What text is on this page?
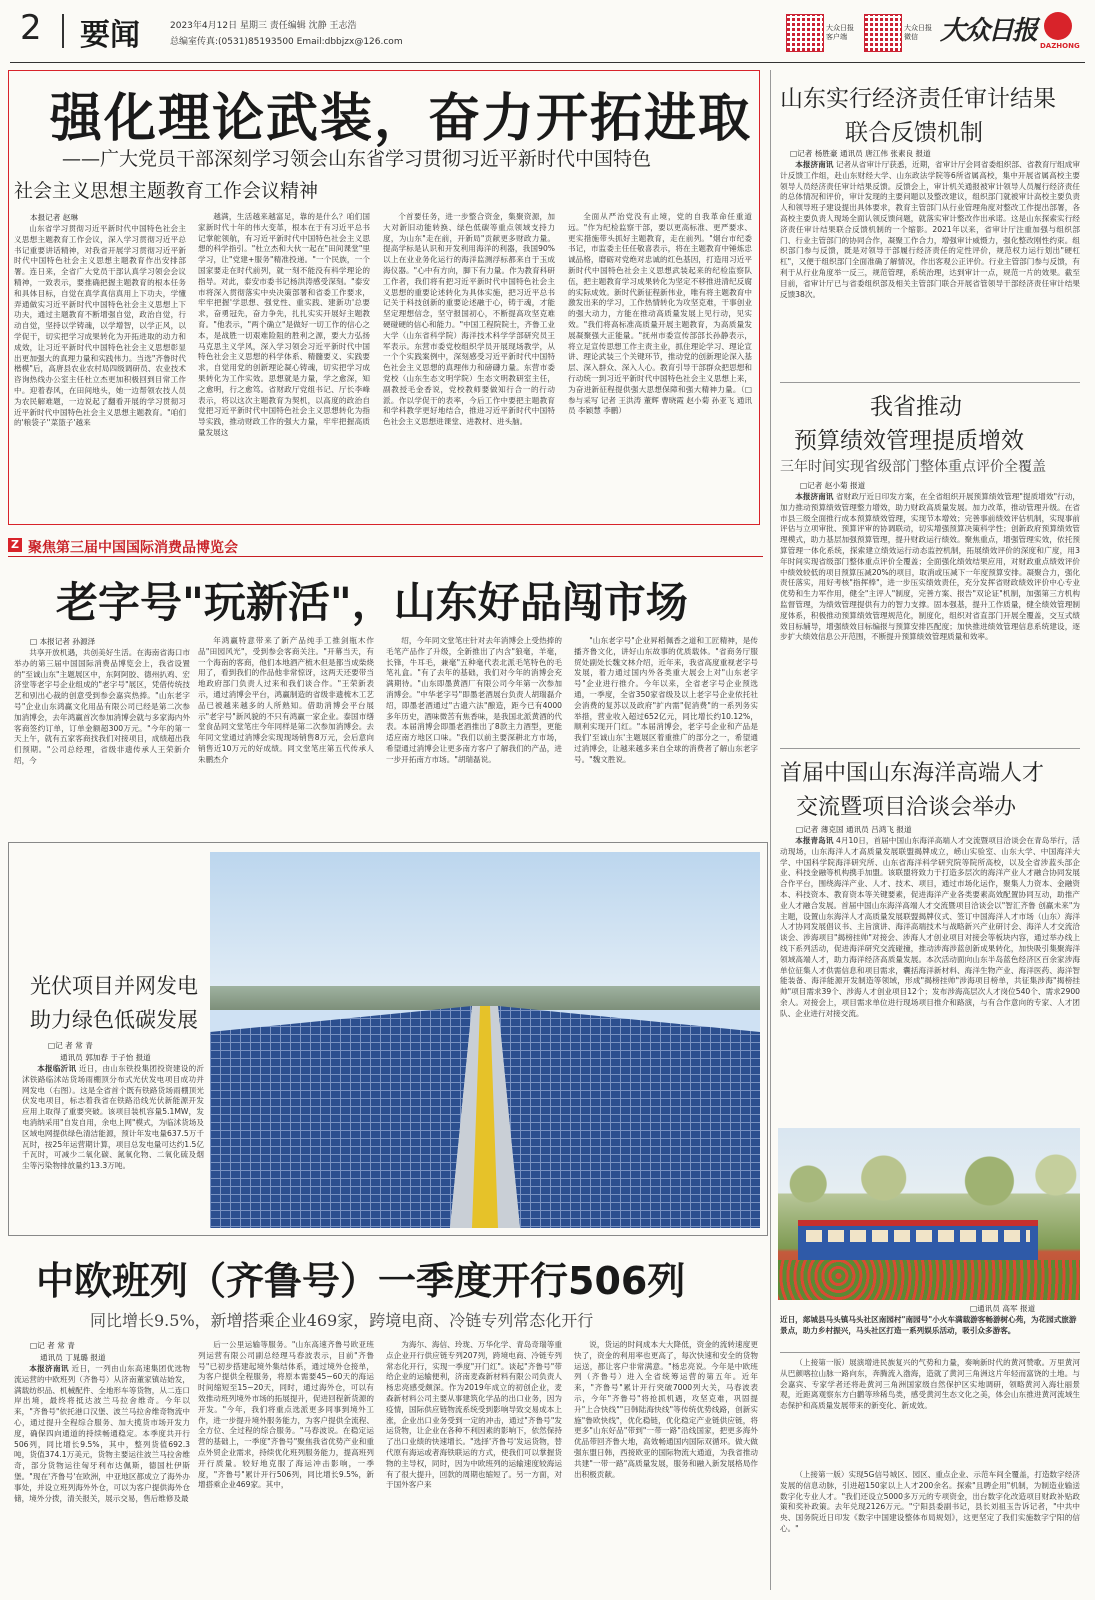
2 要闻	2023年4月12日 星期三 责任编辑 沈静 王志浩
总编室传真:(0531)85193500 Email:dbbjzx@126.com
大众日报客户端
大众日报微信 大众日报 DAZHONG
强化理论武装，奋力开拓进取
——广大党员干部深刻学习领会山东省学习贯彻习近平新时代中国特色
社会主义思想主题教育工作会议精神
本报记者 赵琳

山东省学习贯彻习近平新时代中国特色社会主义思想主题教育工作会议，深入学习贯彻习近平总书记重要讲话精神，对我省开展学习贯彻习近平新时代中国特色社会主义思想主题教育作出安排部署。连日来，全省广大党员干部认真学习领会会议精神，一致表示，要推确把握主题教育的根本任务和具体目标，自觉在真学真信真用上下功夫，学懂弄通做实习近平新时代中国特色社会主义思想上下功夫，通过主题教育不断增强自觉，政治自觉，行动自觉，坚持以学铸魂，以学增智，以学正风，以学促干，切实把学习成果转化为开拓进取的动力和成效，让习近平新时代中国特色社会主义思想彰显出更加强大的真理力量和实践伟力。当选"齐鲁时代楷模"后，高唐县农业农村局四级调研员、农业技术咨询热线办公室主任杜立杰更加积极回到目常工作中。迎着春风，在田间地头，她一边帮领农技人员为农民解难题，一边说起了翻看开展的学习贯彻习近平新时代中国特色社会主义思想主题教育。"咱们的'粮袋子''菜篮子'越来

越满，生活越来越富足，靠的是什么？咱们国家新时代十年的伟大变革，根本在于有习近平总书记掌舵领航，有习近平新时代中国特色社会主义思想的科学指引。"杜立杰和大伙一起在"田间课堂"里学习，让"党建+服务"精准投递。"一个民族，一个国家要走在时代前列，就一刻不能没有科学理论的指导。对此，泰安市委书记杨洪涛感受深刻。"泰安市将深入贯彻落实中央决策部署和省委工作要求，牢牢把握'学思想、强党性、重实践、建新功'总要求，奋勇冠先，奋力争先，扎扎实实开展好主题教育。"他表示，"两个确立"是做好一切工作的信心之本，是战胜一切艰难险阻的胜利之源，要大力弘扬马克思主义学风，深入学习领会习近平新时代中国特色社会主义思想的科学体系、精髓要义、实践要求，自觉用党的创新理论凝心铸魂，切实把学习成果转化为工作实效。思想就是力量，学之愈深，知之愈明，行之愈笃。省财政厅党组书记、厅长李峰表示，将以这次主题教育为契机，以高度的政治自觉把习近平新时代中国特色社会主义思想转化为指导实践，推动财政工作的强大力量，牢牢把握高质量发展这

个首要任务，进一步整合资金，集聚资源，加大对新旧动能转换、绿色低碳等重点领域支持力度，为山东"走在前，开新局"贡献更多财政力量。提高学标是认识和开发利用海洋的利器，我国90%以上在业业务化运行的海洋监测浮标都来自于玉成海仪器。"心中有方向，脚下有力量。作为教育科研工作者，我们将有把习近平新时代中国特色社会主义思想的重要论述转化为具体实施，把习近平总书记关于科技创新的重要论述融于心，铸于魂，才能坚定理想信念，坚守报国初心，不断提高攻坚克难硬碰硬的信心和能力。"中国工程院院士，齐鲁工业大学（山东省科学院）海洋技术科学学部研究员王军表示。东营市委党校组织学员开展现场教学，从一个个实践案例中，深刻感受习近平新时代中国特色社会主义思想的真理伟力和磅礴力量。东营市委党校（山东生态文明学院）生态文明教研室主任，副教授毛金香说，党校教师要做知行合一的行动派。作以学促干的表率，今后工作中要把主题教育和学科教学更好地结合，推进习近平新时代中国特色社会主义思想进课堂、进教材、进头脑。

全面从严治党没有止境，党的自我革命任重道远。"作为纪检监察干部，要以更高标准、更严要求、更实措施带头抓好主题教育，走在前列。"烟台市纪委书记，市监委主任任敬喜表示，将在主题教育中锤炼忠诚品格，磨砺对党绝对忠诚的红色基因，打造用习近平新时代中国特色社会主义思想武装起来的纪检监察队伍，把主题教育学习成果转化为坚定不移推进清纪反腐的实际成效。新时代新征程新伟业，唯有将主题教育中激发出来的学习，工作热情转化为攻坚克难，干事创业的强大动力，方能在推动高质量发展上见行动，见实效。"我们将高标准高质量开展主题教育，为高质量发展凝聚强大正能量。"抚州市委宣传部部长孙静表示，将立足宣传思想工作主责主业，抓住理论学习、理论宣讲、理论武装三个关键环节，推动党的创新理论深入基层、深入群众、深入人心。教育引导干部群众把思想和行动统一到习近平新时代中国特色社会主义思想上来，为奋进新征程提供强大思想保障和强大精神力量。（□参与采写 记者 王洪涛 董辉 曹晓霞 赵小菊 孙亚飞 通讯员 李颖慧 李鹏）

山东实行经济责任审计结果
联合反馈机制
□记者 杨胜豪 通讯员 唐江伟 张素良 报道

本报济南讯 记者从省审计厅获悉，近期，省审计厅会同省委组织部、省教育厅组成审计反馈工作组，赴山东财经大学、山东政法学院等6所省属高校，集中开展省属高校主要领导人员经济责任审计结果反馈。反馈会上，审计机关通报被审计领导人员履行经济责任的总体情况和评价，审计发现的主要问题以及整改建议，组织部门就被审计高校主要负责人和领导班子建设提出具体要求，教育主管部门从行业管理角度对整改工作提出部署，各高校主要负责人现场全面认领反馈问题，就落实审计整改作出承诺。这是山东探索实行经济责任审计结果联合反馈机制的一个缩影。2021年以来，省审计厅注重加强与组织部门、行业主管部门的协同合作，凝聚工作合力，增强审计威慑力，强化整改刚性约束。组织部门参与反馈，既是对领导干部履行经济责任的定性评价，规范权力运行划出"硬杠杠"，又便于组织部门全面准确了解情况，作出客观公正评价。行业主管部门参与反馈，有利于从行业角度举一反三，规范管理，系统治理，达到审计一点，规范一片的效果。截至目前，省审计厅已与省委组织部及相关主管部门联合开展省管领导干部经济责任审计结果反馈38次。

我省推动
预算绩效管理提质增效
三年时间实现省级部门整体重点评价全覆盖
□记者 赵小菊 报道

本报济南讯 省财政厅近日印发方案，在全省组织开展预算绩效管理"提质增效"行动，加力推动预算绩效管理整力增效，助力财政高质量发展。加力改革，推动管理升级。在省市县三级全面推行成本预算绩效管理，实现节本增效；完善事前绩效评估机制，实现事前评估与立项审批、预算评审的协调联动，切实增强预算决策科学性；创新政府预算绩效管理模式，助力基层加强预算管理，提升财政运行绩效。聚焦重点，增强管理实效，依托预算管理一体化系统，探索建立绩效运行动态监控机制，拓展绩效评价的深度和广度，用3年时间实现省级部门整体重点评价全覆盖；全面强化绩效结果应用，对财政重点绩效评价中绩效较低的项目预算压减20%的项目，取消或压减下一年度预算安排。凝聚合力，强化责任落实，用好考核"指挥棒"，进一步压实绩效责任，充分发挥省财政绩效评价中心专业优势和生力军作用，健全"主评人"制度，完善方案、报告"双论证"机制，加强第三方机构监督管理，为绩效管理提供有力的智力支撑。固本强基，提升工作质量，健全绩效管理制度体系，积极推动预算绩效管理规范化，制度化，组织对省直部门开展全覆盖，交互式绩效目标辅导，增强绩效目标编报与预算安排匹配度；加快推进绩效管理信息系统建设，逐步扩大绩效信息公开范围，不断提升预算绩效管理质量和效率。

首届中国山东海洋高端人才
交流暨项目洽谈会举办
□记者 薄克国 通讯员 吕鸿飞 报道

本报青岛讯 4月10日，首届中国山东海洋高端人才交流暨项目洽谈会在青岛举行，活动现场，山东海洋人才高质量发展联盟揭牌成立，崂山实验室、山东大学、中国海洋大学、中国科学院海洋研究所、山东省海洋科学研究院等院所高校，以及全省涉蓝头部企业、科技金融等机构携手加盟。该联盟将致力于打造多层次的海洋产业人才融合协同发展合作平台，围绕海洋产业、人才、技术、项目，通过市场化运作，聚集人力资本、金融资本、科技资本、教育资本等关键要素，促进海洋产业各类要素高效配置协同互动，助推产业人才融合发展。首届中国山东海洋高端人才交流暨项目洽谈会以"智汇齐鲁 创赢未来"为主题，设置山东海洋人才高质量发展联盟揭牌仪式、签订中国海洋人才市场（山东）海洋人才协同发展倡议书、主旨演讲、海洋高端技术与战略新兴产业研讨会、海洋人才交流洽谈会、涉海项目"揭榜挂帅"对接会、涉海人才创业项目对接会等板块内容，通过举办线上线下系列活动，促进海洋研究交流碰撞，推动涉海涉蓝创新成果转化，加快吸引集聚海洋领域高端人才，助力海洋经济高质量发展。本次活动面向山东半岛蓝色经济区百余家涉海单位征集人才供需信息和项目需求，囊括海洋新材料、海洋生物产业、海洋医药、海洋智能装备、海洋能源开发制造等领域，形成"揭榜挂帅"涉海项目榜单，共征集涉海"揭榜挂帅"项目需求39个、涉海人才创业项目12个；发布涉海高层次人才岗位540个、需求2900余人。对接会上，项目需求单位进行现场项目推介和路演，与有合作意向的专家、人才团队、企业进行对接交流。

□通讯员 高军 报道
近日，郯城县马头镇马头社区南园村"南园号"小火车满载游客畅游树心苑，为花园式旅游景点，助力乡村振兴，马头社区打造一系列娱乐活动，吸引众多游客。

（上接第一版）展演增进民族复兴的气势和力量，奏响新时代的黄河赞歌。万里黄河从巴颜喀拉山脉一路向东，奔腾流入渤海，造就了黄河三角洲这片年轻而富饶的土地。与会嘉宾、专家学者还将赴黄河三角洲国家级自然保护区实地调研，领略黄河入海壮丽景观，近距离观察东方白鹳等珍稀鸟类，感受黄河生态文化之美，体会山东推进黄河流域生态保护和高质量发展带来的新变化、新成效。

（上接第一版）实现5G信号城区、园区、重点企业、示范车间全覆盖，打造数字经济发展的信息动脉，引进超150家以上人才200余名。探索"且聘企用"机制，为制造业输送数字化专业人才。"我们还设立5000多万元的专项资金，出台数字化改造项目财政补贴政策和奖补政策。去年兑现2126万元。"宁阳县委副书记，县长刘祖玉告诉记者，"中共中央、国务院近日印发《数字中国建设整体布局规划》，这更坚定了我们实施数字宁阳的信心。"

Z 聚焦第三届中国国际消费品博览会
老字号"玩新活"，山东好品闯市场
□ 本报记者 孙源泽

共享开放机遇，共创美好生活。在海南省海口市举办的第三届中国国际消费品博览会上，我省设置的"至诚山东"主题展区中，东阿阿胶、德州扒鸡、宏济堂等老字号企业组成的"老字号"展区，凭借传统技艺和别出心裁的创意受到参会嘉宾热捧。"山东老字号"企业山东鸿赢文化用品有限公司已经是第二次参加消博会，去年鸿赢首次参加消博会就与多家海内外客商签约订单，订单金额超300万元。"今年的第一天上午，就有五家客商找我们对接项目，成绩超出我们预期。"公司总经理，省级非遗传承人王荣新介绍，今

年鸿赢特意带来了新产品纯手工推剑瓶木作品"田园风光"，受到参会客商关注。"开幕当天，有一个海南的客商，他们本地酒产梳木但是都当成柴烧用了，看到我们的作品他非常惊讶，这两天还要带当地政府部门负责人过来和我们谈合作。"王荣新表示，通过消博会平台，鸿赢制造的省级非遗梳木工艺品已被越来越多的人所熟知。借助消博会平台展示"老字号"新风貌的不只有鸿赢一家企业。泰国市缮堂食品同文堂笔庄今年同样是第二次参加消博会。去年同文堂通过消博会实现现场销售8万元，会后意向销售近10万元的好成绩。同文堂笔庄第五代传承人朱鹏杰介

绍，今年同文堂笔庄针对去年消博会上受热捧的毛笔产品作了升级，全新推出了内含"狼毫，羊毫，长锋，牛耳毛，兼毫"五种毫代表北派毛笔特色的毛笔礼盒。"有了去年的基础，我们对今年的消博会充满期待。"山东即墨黄酒厂有限公司今年第一次参加消博会。"中华老字号"即墨老酒展台负责人胡瑞磊介绍，即墨老酒通过"古遗六法"酿造，距今已有4000多年历史，酒味微苦有焦香味，是我国北派黄酒的代表。本届消博会即墨老酒推出了8款主力酒型，更能适应南方地区口味。"我们以前主要深耕北方市场，希望通过消博会让更多南方客户了解我们的产品，进一步开拓南方市场。"胡瑞磊说。

"山东老字号"企业昇稻佩香之道和工匠精神，是传播齐鲁文化，讲好山东故事的优质载体。"省商务厅服贸处副处长魏文林介绍，近年来，我省高度重视老字号发展，着力通过国内外各类重大展会上对"山东老字号"企业进行推介。今年以来，全省老字号企业预选通，一季度，全省350家省级及以上老字号企业依托社会消费的复苏以及政府"扩内需"促消费"的一系列务实举措，营业收入超过652亿元，同比增长约10.12%，顺利实现开门红。"本届消博会，老字号企业和产品是我们'至诚山东'主题展区着重推广的部分之一，希望通过消博会，让越来越多来自全球的消费者了解山东老字号。"魏文胜说。

光伏项目并网发电
助力绿色低碳发展
□记 者 常 青
通讯员 郭加春 于子怡 报道

本报临沂讯 近日，由山东铁投集团投资建设的沂沭铁路临沭站货场雨棚顶分布式光伏发电项目成功并网发电（右图）。这是全省首个既有铁路货场雨棚顶光伏发电项目，标志着我省在铁路沿线光伏新能源开发应用上取得了重要突破。该项目装机容量5.1MW，发电消纳采用"自发自用，余电上网"模式，为临沭货场及区域电网提供绿色清洁能源，预计年发电量637.5万千瓦时，按25年运营期计算，项目总发电量可达约1.5亿千瓦时，可减少二氧化碳、氮氧化物、二氧化硫及烟尘等污染物排放量约13.3万吨。

中欧班列（齐鲁号）一季度开行506列
同比增长9.5%，新增搭乘企业469家，跨境电商、冷链专列常态化开行
□记 者 常 青
通讯员 丁晁璐 报道

本报济南讯 近日，一列由山东高速集团优选物流运营的中欧班列（齐鲁号）从济南董家镇站始发，满载纺织品、机械配件、全地形车等货物，从二连口岸出境，最终将抵达波兰马拉舍维奇。今年以来，"齐鲁号"依托港口汉堡、波兰马拉舍维奇物流中心，通过提升全程综合服务、加大揽货市场开发力度，确保四向通道的持续畅通稳定。本季度共开行506列，同比增长9.5%，其中，整列货值692.3吨，货值374.1万美元，货物主要运往波兰马拉舍维奇，部分货物运往匈牙利布达佩斯，德国杜伊斯堡。"现在'齐鲁号'在欧洲，中亚地区都成立了海外办事处，并设立班列海外外仓，可以为客户提供海外仓储，境外分拨，清关报关，展示交易，售后维修及最

后一公里运输等服务。"山东高速齐鲁号欧亚班列运营有限公司副总经理马春波表示，目前"齐鲁号"已初步搭建起境外集结体系，通过境外仓接单，为客户提供全程服务，将原本需要45~60天的海运时间缩短至15~20天，同时，通过海外仓，可以有效推动班列境外市场的拓展提升，促进回程新货源的开发。"今年，我们将重点选派更多同事到境外工作，进一步提升境外服务能力，为客户提供全流程、全方位、全过程的综合服务。"马春波说。在稳定运营的基础上，一季度"齐鲁号"聚焦我省优势产业和重点外贸企业需求，持续优化班列服务能力，提高班列开行质量。较好地克服了海运冲击影响，一季度，"齐鲁号"累计开行506列，同比增长9.5%，新增搭乘企业469家。其中，

为海尔、海信、玲珑、万华化学、青岛奇瑞等重点企业开行供应链专列207列，跨境电商、冷链专列常态化开行，实现一季度"开门红"。谈起"齐鲁号"带给企业的运输便利，济南麦森新材料有限公司负责人杨忠亮感受颇深。作为2019年成立的初创企业，麦森新材料公司主要从事建筑化学品的出口业务，因为疫情，国际供应链物流系统受到影响导致交易成本上涨，企业出口业务受到一定的冲击，通过"齐鲁号"发运货物，让企业在各种不利因素的影响下，依然保持了出口业绩的快速增长。"选择'齐鲁号'发运货物，替代原有海运或者海铁联运的方式，使我们可以掌握货物的主导权，同时，因为中欧班列的运输速度较海运有了很大提升，回款的周期也缩短了。另一方面，对于国外客户来

说，货运的时间成本大大降低，资金的流转速度更快了，资金的利用率也更高了，每次快速和安全的货物运送，都让客户非常满意。"杨忠亮说。今年是中欧班列（齐鲁号）进入全省统筹运营的第五年。近年来，"齐鲁号"累计开行突破7000列大关，马春波表示，今年"齐鲁号"将抢抓机遇，攻坚克难，巩固提升"上合快线""日韩陆海快线"等传统优势线路，创新实施"鲁欧快线"，优化稳链，优化稳定产业链供应链，将更多"山东好品"带到"一带一路"沿线国家，把更多海外优品带回齐鲁大地，高效畅通国内国际双循环。做大做强东盟日韩，西接欧亚的国际物流大通道，为我省推动共建"一带一路"高质量发展，服务和融入新发展格局作出积极贡献。
